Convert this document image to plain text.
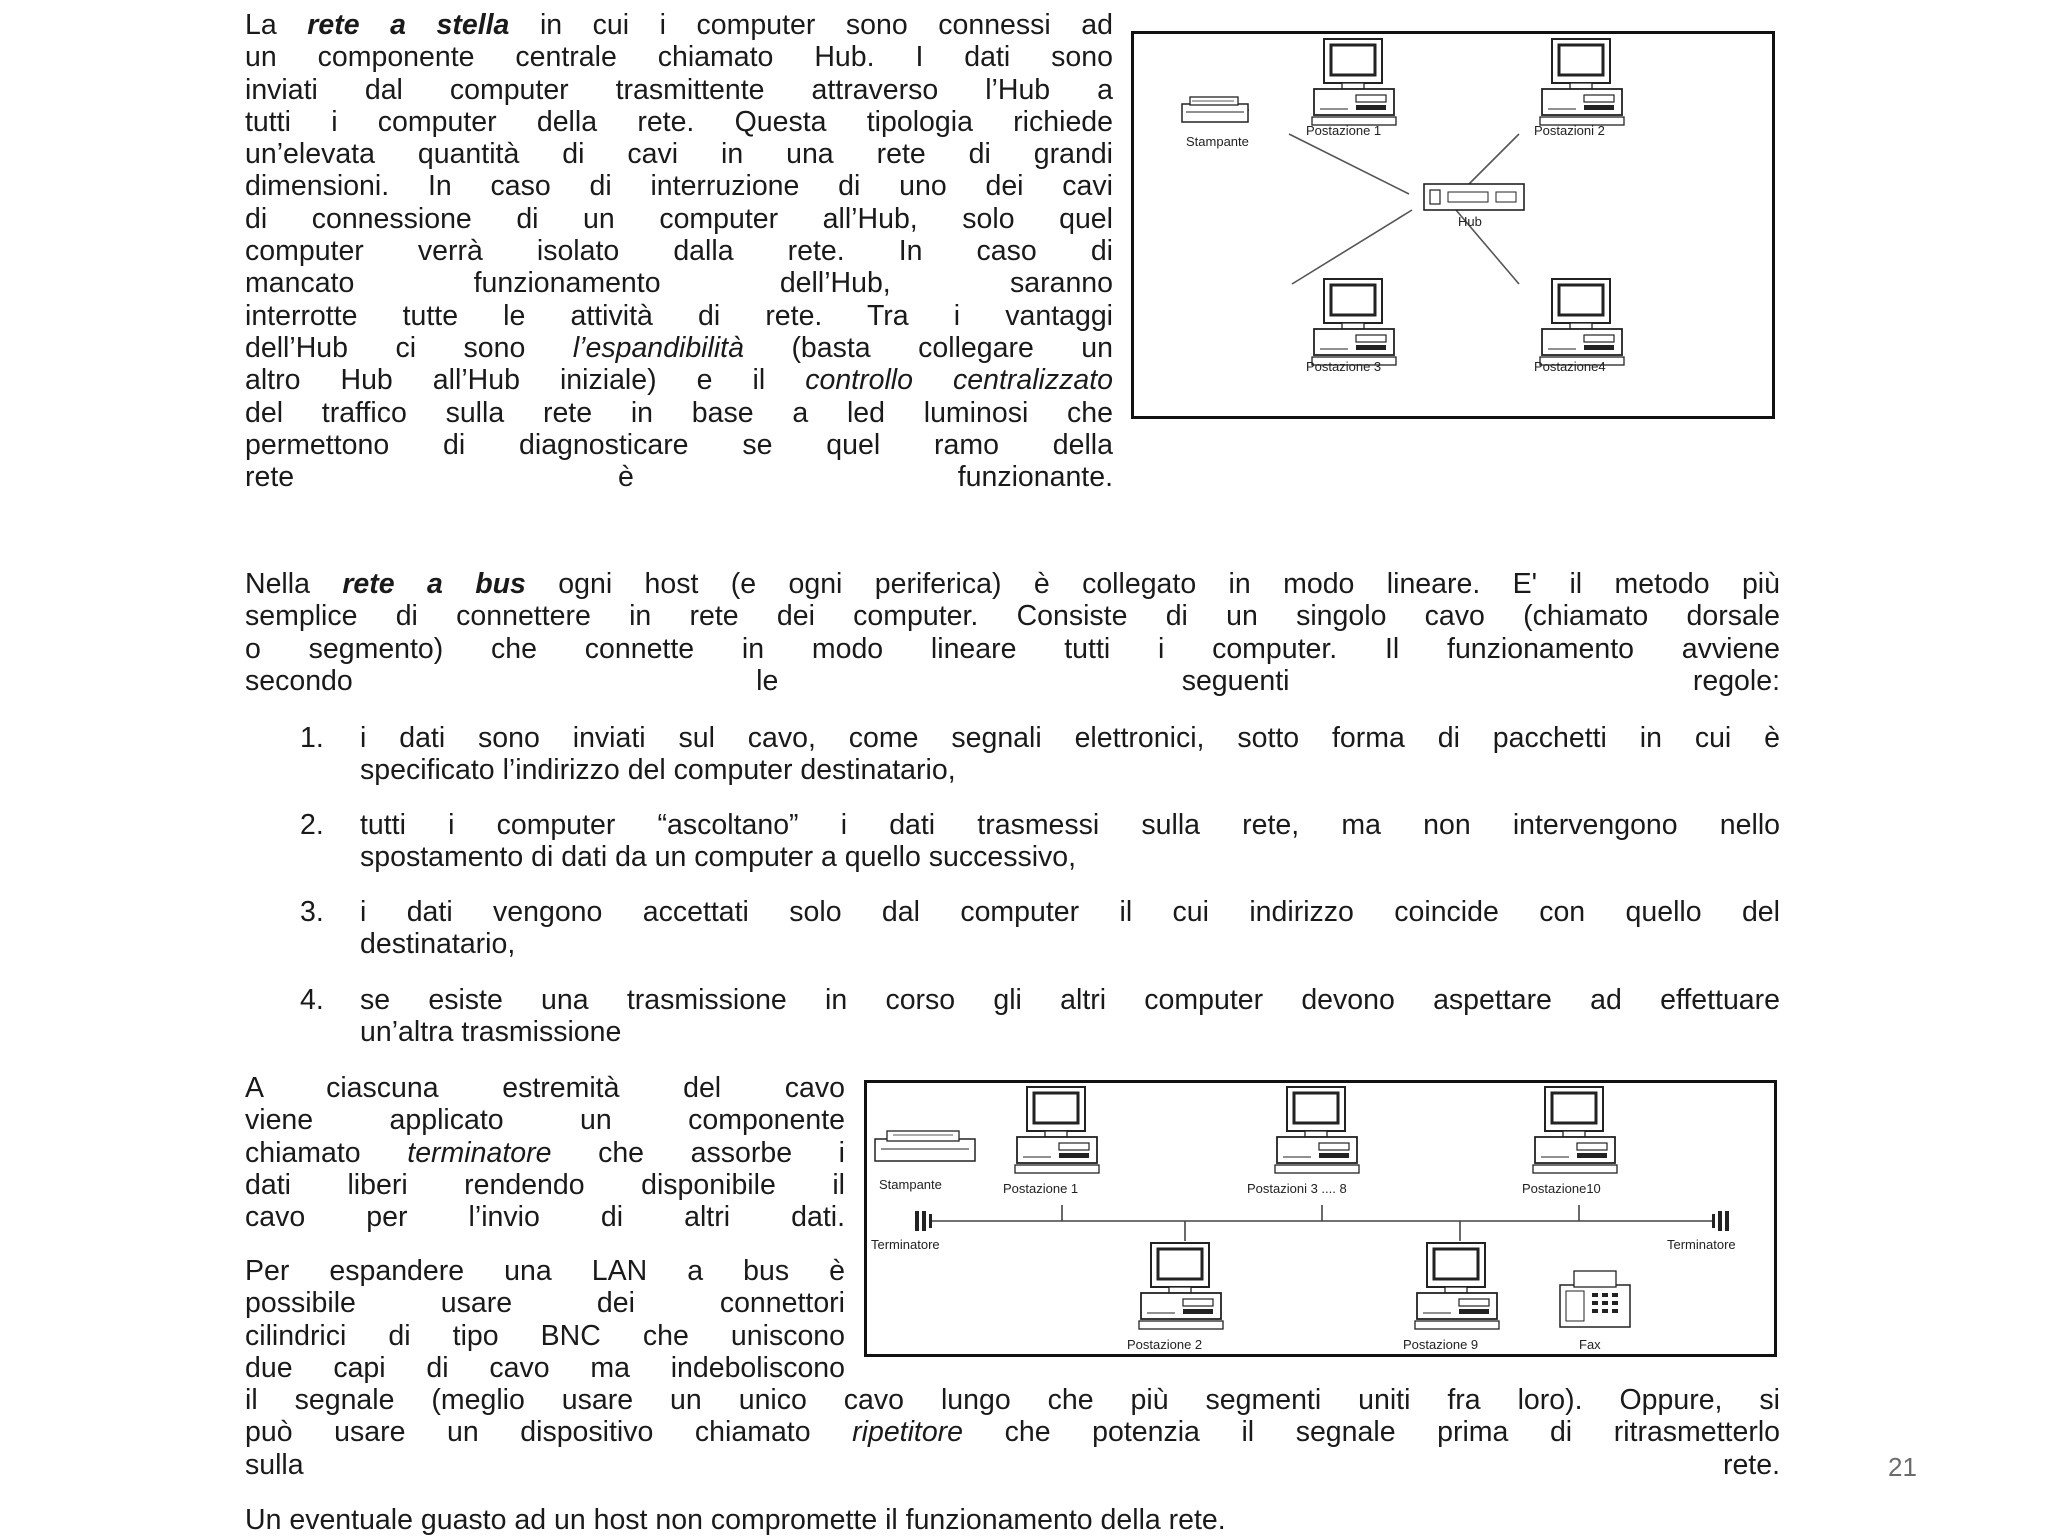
La rete a stella in cui i computer sono connessi ad
un componente centrale chiamato Hub. I dati sono
inviati dal computer trasmittente attraverso l’Hub a
tutti i computer della rete. Questa tipologia richiede
un’elevata quantità di cavi in una rete di grandi
dimensioni. In caso di interruzione di uno dei cavi
di connessione di un computer all’Hub, solo quel
computer verrà isolato dalla rete. In caso di
mancato funzionamento dell’Hub, saranno
interrotte tutte le attività di rete. Tra i vantaggi
dell’Hub ci sono l’espandibilità (basta collegare un
altro Hub all’Hub iniziale) e il controllo centralizzato
del traffico sulla rete in base a led luminosi che
permettono di diagnosticare se quel ramo della
rete è funzionante.
Stampante
Postazione 1	Postazioni 2
Hub
Postazione 3	Postazione4
Nella rete a bus ogni host (e ogni periferica) è collegato in modo lineare. E' il metodo più
semplice di connettere in rete dei computer. Consiste di un singolo cavo (chiamato dorsale
o segmento) che connette in modo lineare tutti i computer. Il funzionamento avviene
secondo le seguenti regole:
1. i dati sono inviati sul cavo, come segnali elettronici, sotto forma di pacchetti in cui è
specificato l’indirizzo del computer destinatario,
2. tutti i computer “ascoltano” i dati trasmessi sulla rete, ma non intervengono nello
spostamento di dati da un computer a quello successivo,
3. i dati vengono accettati solo dal computer il cui indirizzo coincide con quello del
destinatario,
4. se esiste una trasmissione in corso gli altri computer devono aspettare ad effettuare
un’altra trasmissione
A ciascuna estremità del cavo
viene applicato un componente
chiamato terminatore che assorbe i
dati liberi rendendo disponibile il
cavo per l’invio di altri dati.
Per espandere una LAN a bus è
possibile usare dei connettori
cilindrici di tipo BNC che uniscono
due capi di cavo ma indeboliscono
il segnale (meglio usare un unico cavo lungo che più segmenti uniti fra loro). Oppure, si
può usare un dispositivo chiamato ripetitore che potenzia il segnale prima di ritrasmetterlo
sulla rete.
Un eventuale guasto ad un host non compromette il funzionamento della rete.
Stampante	Postazione 1	Postazioni 3 .... 8	Postazione10
Terminatore	Terminatore
Postazione 2	Postazione 9	Fax
21
